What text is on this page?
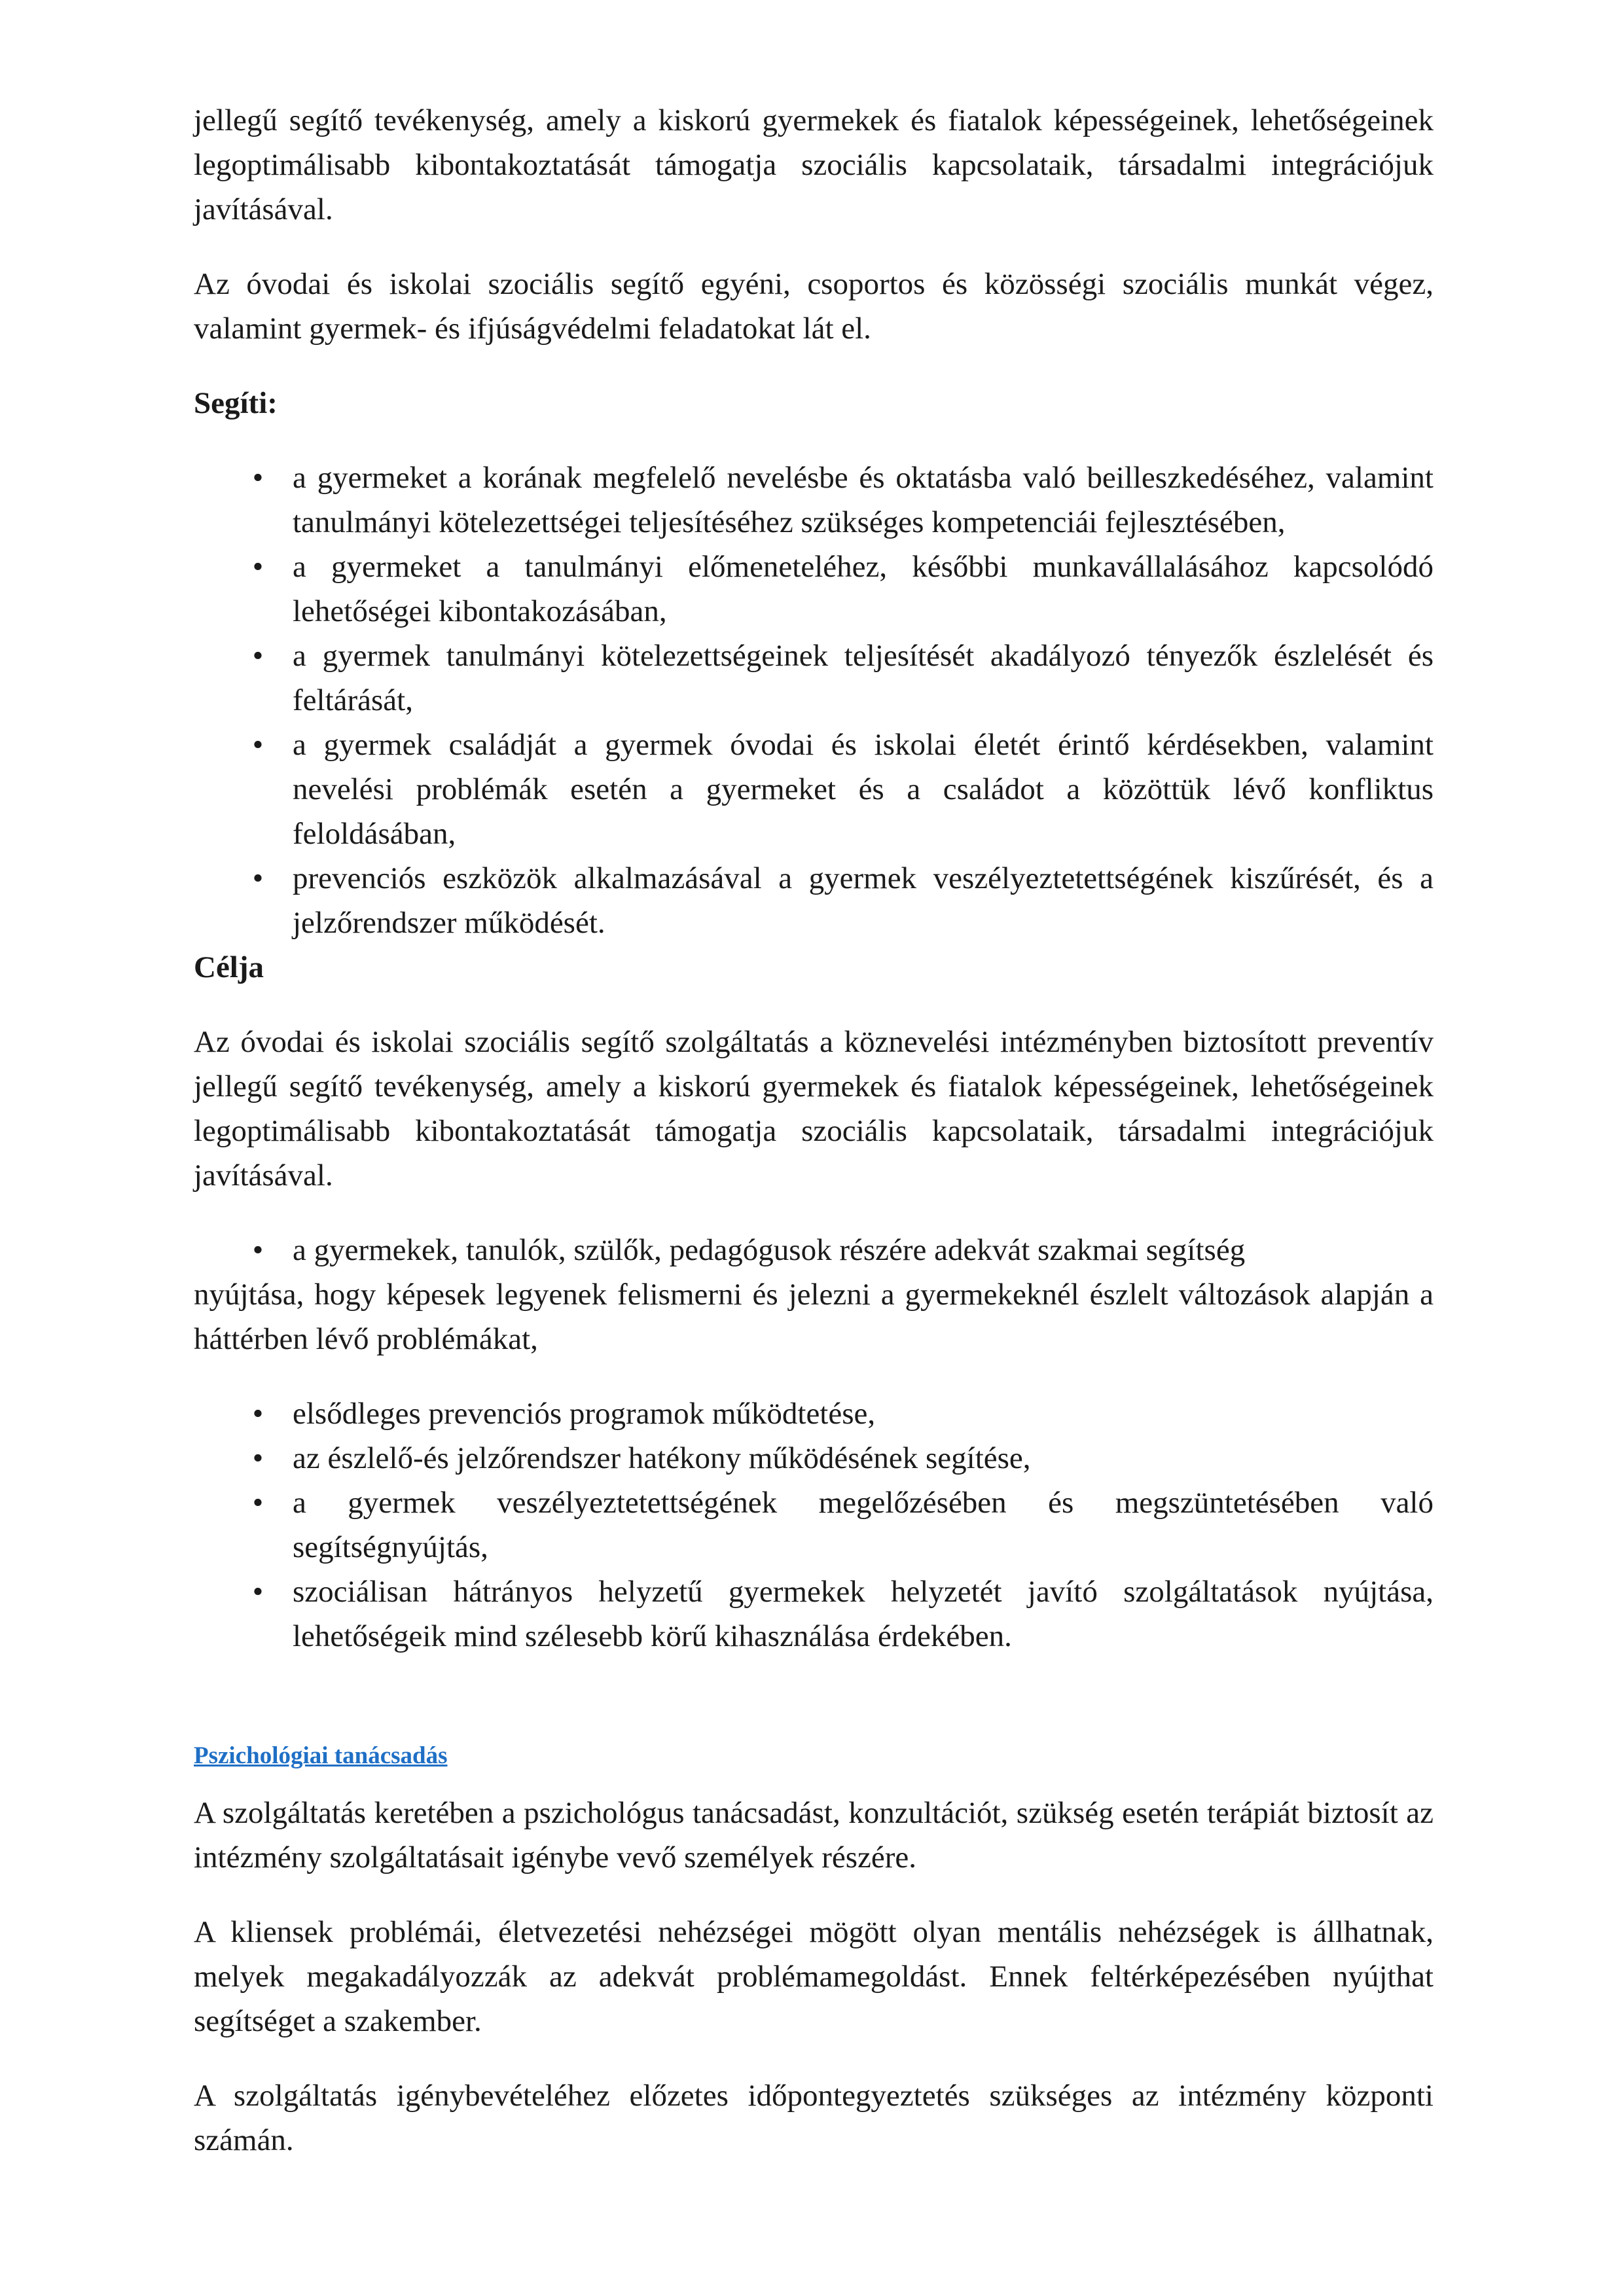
jellegű segítő tevékenység, amely a kiskorú gyermekek és fiatalok képességeinek, lehetőségeinek legoptimálisabb kibontakoztatását támogatja szociális kapcsolataik, társadalmi integrációjuk javításával.

Az óvodai és iskolai szociális segítő egyéni, csoportos és közösségi szociális munkát végez, valamint gyermek- és ifjúságvédelmi feladatokat lát el.

Segíti:

• a gyermeket a korának megfelelő nevelésbe és oktatásba való beilleszkedéséhez, valamint tanulmányi kötelezettségei teljesítéséhez szükséges kompetenciái fejlesztésében,
• a gyermeket a tanulmányi előmeneteléhez, későbbi munkavállalásához kapcsolódó lehetőségei kibontakozásában,
• a gyermek tanulmányi kötelezettségeinek teljesítését akadályozó tényezők észlelését és feltárását,
• a gyermek családját a gyermek óvodai és iskolai életét érintő kérdésekben, valamint nevelési problémák esetén a gyermeket és a családot a közöttük lévő konfliktus feloldásában,
• prevenciós eszközök alkalmazásával a gyermek veszélyeztetettségének kiszűrését, és a jelzőrendszer működését.

Célja

Az óvodai és iskolai szociális segítő szolgáltatás a köznevelési intézményben biztosított preventív jellegű segítő tevékenység, amely a kiskorú gyermekek és fiatalok képességeinek, lehetőségeinek legoptimálisabb kibontakoztatását támogatja szociális kapcsolataik, társadalmi integrációjuk javításával.

• a gyermekek, tanulók, szülők, pedagógusok részére adekvát szakmai segítség

nyújtása, hogy képesek legyenek felismerni és jelezni a gyermekeknél észlelt változások alapján a háttérben lévő problémákat,

• elsődleges prevenciós programok működtetése,
• az észlelő-és jelzőrendszer hatékony működésének segítése,
• a gyermek veszélyeztetettségének megelőzésében és megszüntetésében való segítségnyújtás,
• szociálisan hátrányos helyzetű gyermekek helyzetét javító szolgáltatások nyújtása, lehetőségeik mind szélesebb körű kihasználása érdekében.

Pszichológiai tanácsadás

A szolgáltatás keretében a pszichológus tanácsadást, konzultációt, szükség esetén terápiát biztosít az intézmény szolgáltatásait igénybe vevő személyek részére.

A kliensek problémái, életvezetési nehézségei mögött olyan mentális nehézségek is állhatnak, melyek megakadályozzák az adekvát problémamegoldást. Ennek feltérképezésében nyújthat segítséget a szakember.

A szolgáltatás igénybevételéhez előzetes időpontegyeztetés szükséges az intézmény központi számán.
